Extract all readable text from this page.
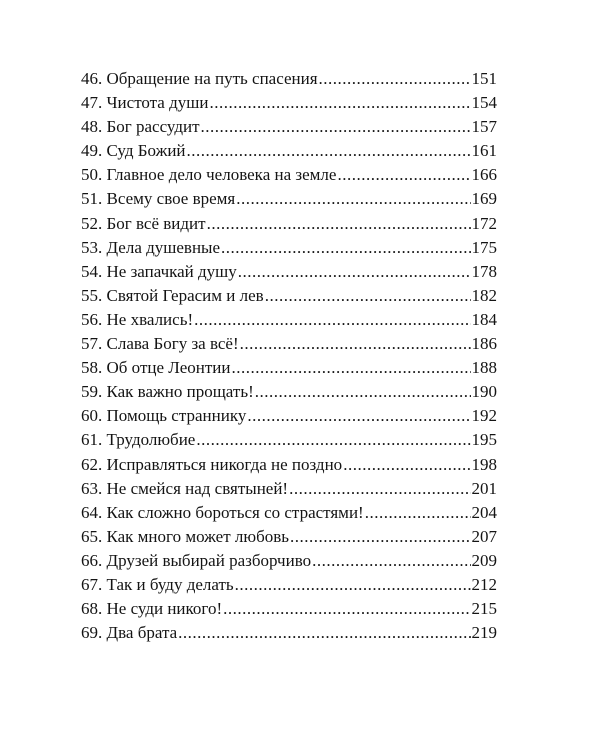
46. Обращение на путь спасения .....	151
47. Чистота души .....	154
48. Бог рассудит .....	157
49. Суд Божий .....	161
50. Главное дело человека на земле .....	166
51. Всему свое время .....	169
52. Бог всё видит .....	172
53. Дела душевные .....	175
54. Не запачкай душу .....	178
55. Святой Герасим и лев .....	182
56. Не хвались! .....	184
57. Слава Богу за всё! .....	186
58. Об отце Леонтии .....	188
59. Как важно прощать! .....	190
60. Помощь страннику .....	192
61. Трудолюбие .....	195
62. Исправляться никогда не поздно .....	198
63. Не смейся над святыней! .....	201
64. Как сложно бороться со страстями! .....	204
65. Как много может любовь .....	207
66. Друзей выбирай разборчиво .....	209
67. Так и буду делать .....	212
68. Не суди никого! .....	215
69. Два брата .....	219
